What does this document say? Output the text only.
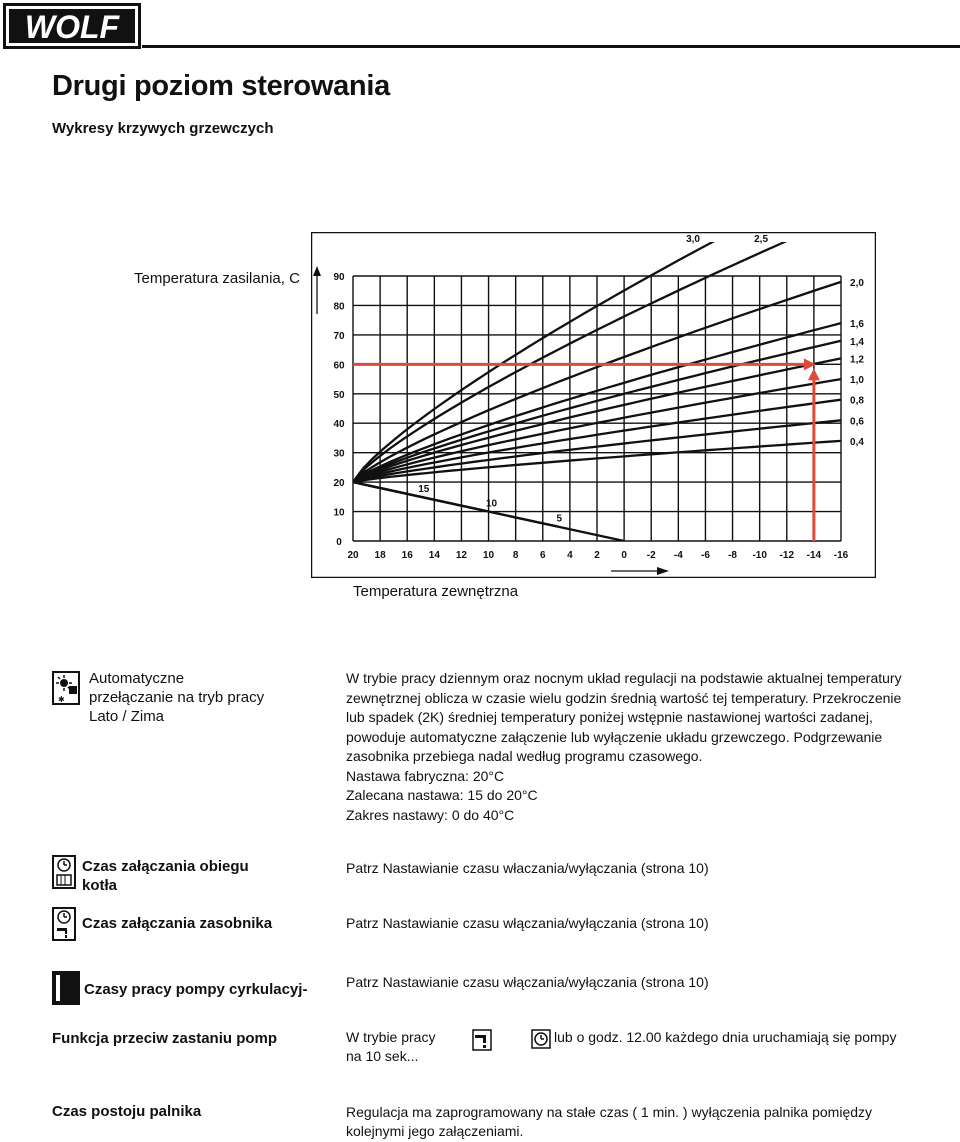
WOLF
Drugi poziom sterowania
Wykresy krzywych grzewczych
Temperatura zasilania, C
3,0	2,5
2,0
1,6
1,4
1,2
1,0
0,8
0,6
0,4
15
10
5
20 18 16 14 12 10 8 6 4 2 0 -2 -4 -6 -8 -10 -12 -14 -16
0
10
20
30
40
50
60
70
80
90
Temperatura zewnętrzna
✱
Automatyczne
przełączanie na tryb pracy
Lato / Zima
W trybie pracy dziennym oraz nocnym układ regulacji na podstawie aktualnej temperatury
zewnętrznej oblicza w czasie wielu godzin średnią wartość tej temperatury. Przekroczenie
lub spadek (2K) średniej temperatury poniżej wstępnie nastawionej wartości zadanej,
powoduje automatyczne załączenie lub wyłączenie układu grzewczego. Podgrzewanie
zasobnika przebiega nadal według programu czasowego.
Nastawa fabryczna: 20°C
Zalecana nastawa: 15 do 20°C
Zakres nastawy: 0 do 40°C
Czas załączania obiegu
kotła
Patrz Nastawianie czasu właczania/wyłączania (strona 10)
Czas załączania zasobnika	Patrz Nastawianie czasu włączania/wyłączania (strona 10)
Czasy pracy pompy cyrkulacyj-	Patrz Nastawianie czasu włączania/wyłączania (strona 10)
Funkcja przeciw zastaniu pomp	W trybie pracy
na 10 sek...
lub o godz. 12.00 każdego dnia uruchamiają się pompy
Czas postoju palnika	Regulacja ma zaprogramowany na stałe czas ( 1 min. ) wyłączenia palnika pomiędzy
kolejnymi jego załączeniami.
